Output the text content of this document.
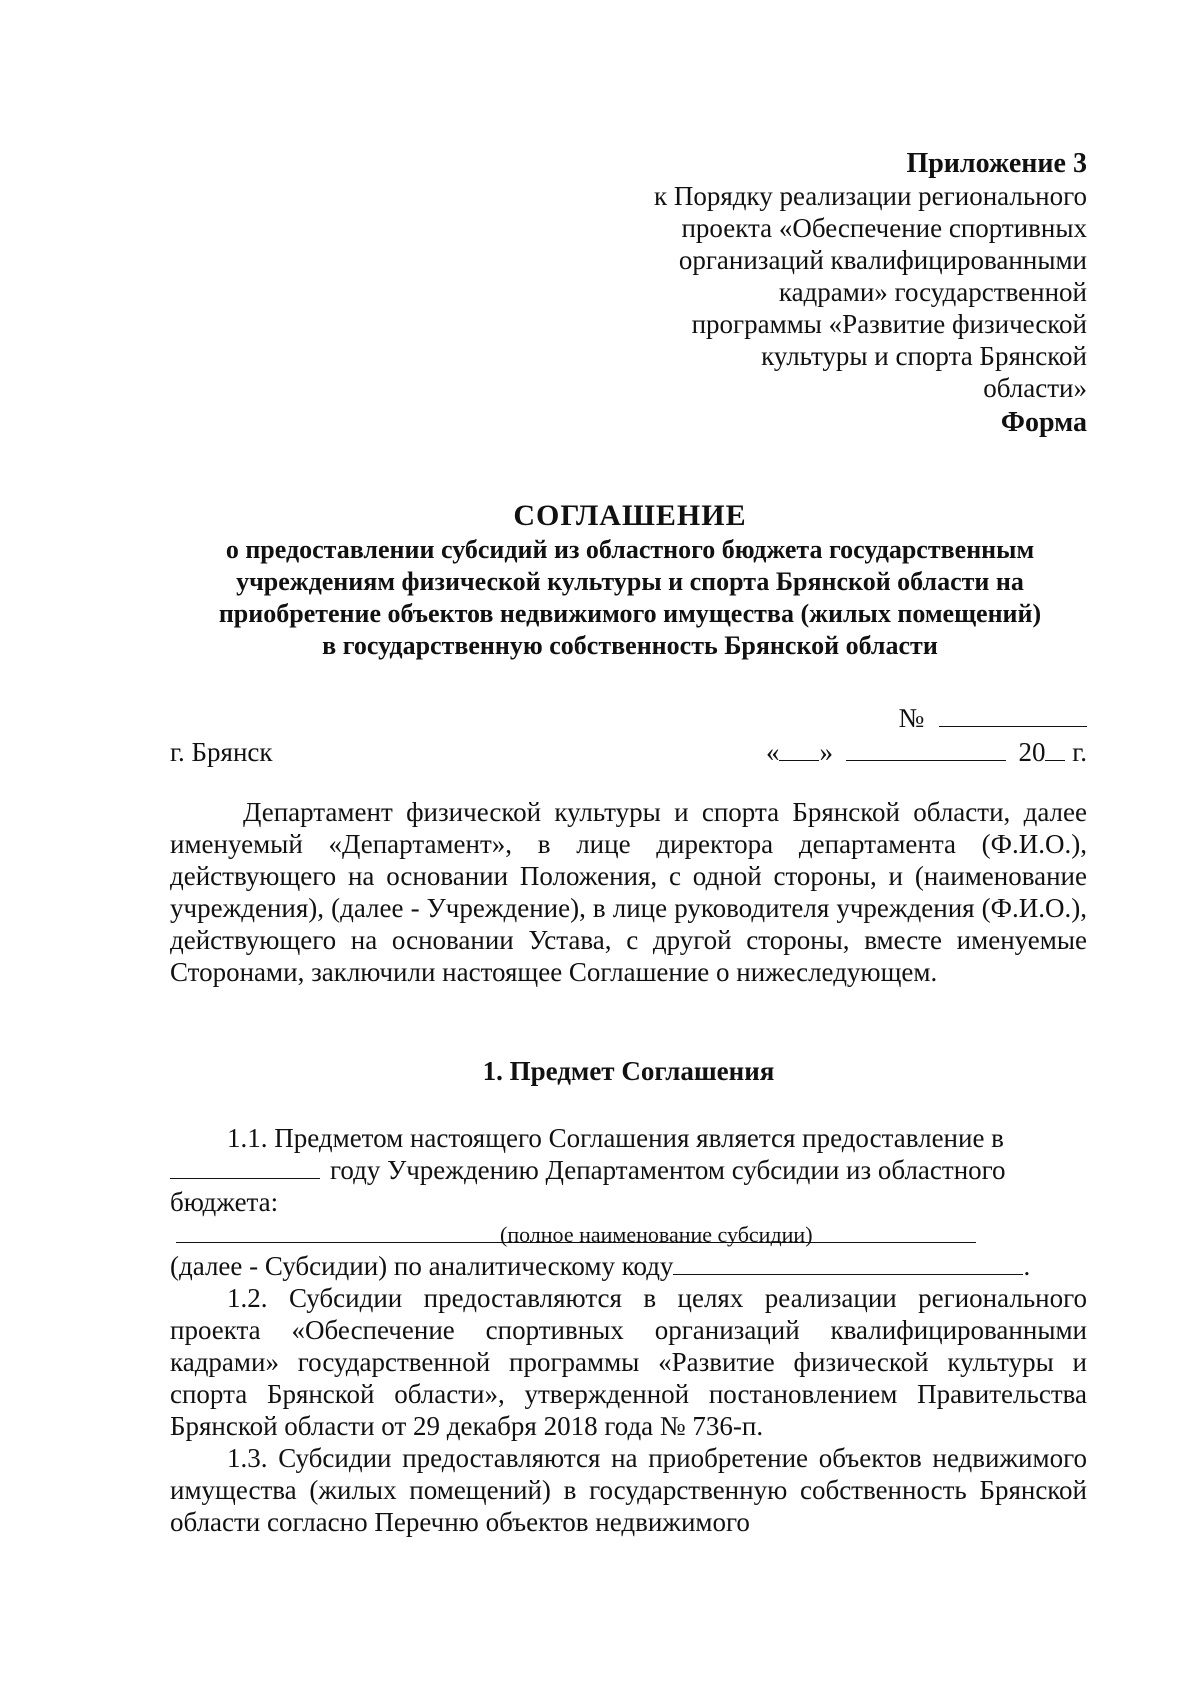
Приложение 3
к Порядку реализации регионального
проекта «Обеспечение спортивных
организаций квалифицированными
кадрами» государственной
программы «Развитие физической
культуры и спорта Брянской
области»
Форма
СОГЛАШЕНИЕ
о предоставлении субсидий из областного бюджета государственным
учреждениям физической культуры и спорта Брянской области на
приобретение объектов недвижимого имущества (жилых помещений)
в государственную собственность Брянской области
№
г. Брянск	« »	20 г.
Департамент физической культуры и спорта Брянской области, далее именуемый «Департамент», в лице директора департамента (Ф.И.О.), действующего на основании Положения, с одной стороны, и (наименование учреждения), (далее - Учреждение), в лице руководителя учреждения (Ф.И.О.), действующего на основании Устава, с другой стороны, вместе именуемые Сторонами, заключили настоящее Соглашение о нижеследующем.
1. Предмет Соглашения
1.1. Предметом настоящего Соглашения является предоставление в
году Учреждению Департаментом субсидии из областного
бюджета:
(полное наименование субсидии)
(далее - Субсидии) по аналитическому коду	.
1.2. Субсидии предоставляются в целях реализации регионального проекта «Обеспечение спортивных организаций квалифицированными кадрами» государственной программы «Развитие физической культуры и спорта Брянской области», утвержденной постановлением Правительства Брянской области от 29 декабря 2018 года № 736-п.
1.3. Субсидии предоставляются на приобретение объектов недвижимого имущества (жилых помещений) в государственную собственность Брянской области согласно Перечню объектов недвижимого
